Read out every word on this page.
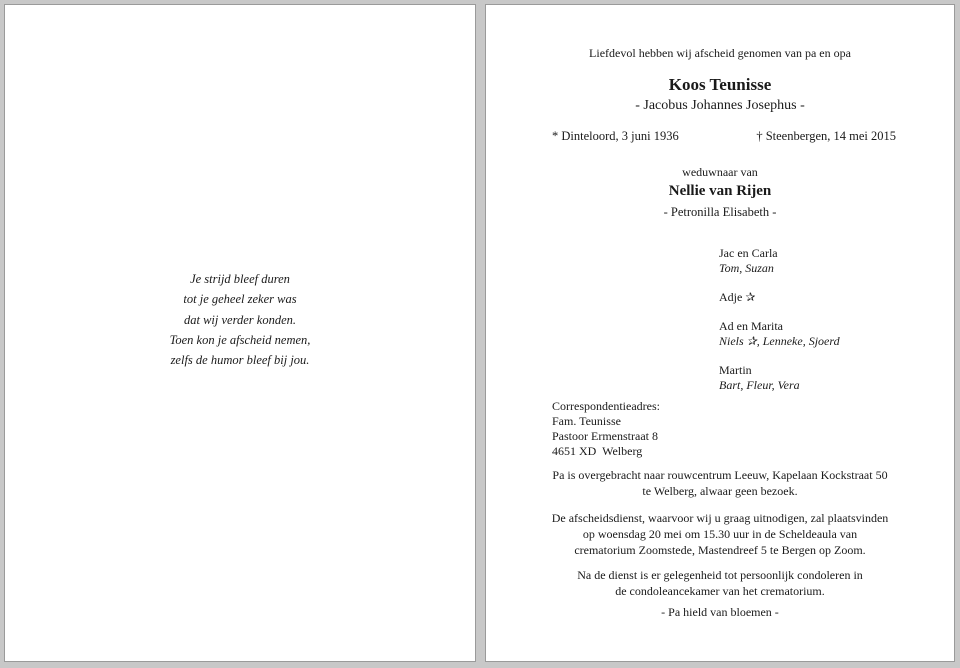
Je strijd bleef duren
tot je geheel zeker was
dat wij verder konden.
Toen kon je afscheid nemen,
zelfs de humor bleef bij jou.
Liefdevol hebben wij afscheid genomen van pa en opa
Koos Teunisse
- Jacobus Johannes Josephus -
* Dinteloord, 3 juni 1936	† Steenbergen, 14 mei 2015
weduwnaar van
Nellie van Rijen
- Petronilla Elisabeth -
Jac en Carla
Tom, Suzan
Adje ✰
Ad en Marita
Niels ✰, Lenneke, Sjoerd
Martin
Bart, Fleur, Vera
Correspondentieadres:
Fam. Teunisse
Pastoor Ermenstraat 8
4651 XD  Welberg
Pa is overgebracht naar rouwcentrum Leeuw, Kapelaan Kockstraat 50
te Welberg, alwaar geen bezoek.
De afscheidsdienst, waarvoor wij u graag uitnodigen, zal plaatsvinden
op woensdag 20 mei om 15.30 uur in de Scheldeaula van
crematorium Zoomstede, Mastendreef 5 te Bergen op Zoom.
Na de dienst is er gelegenheid tot persoonlijk condoleren in
de condoleancekamer van het crematorium.
- Pa hield van bloemen -
